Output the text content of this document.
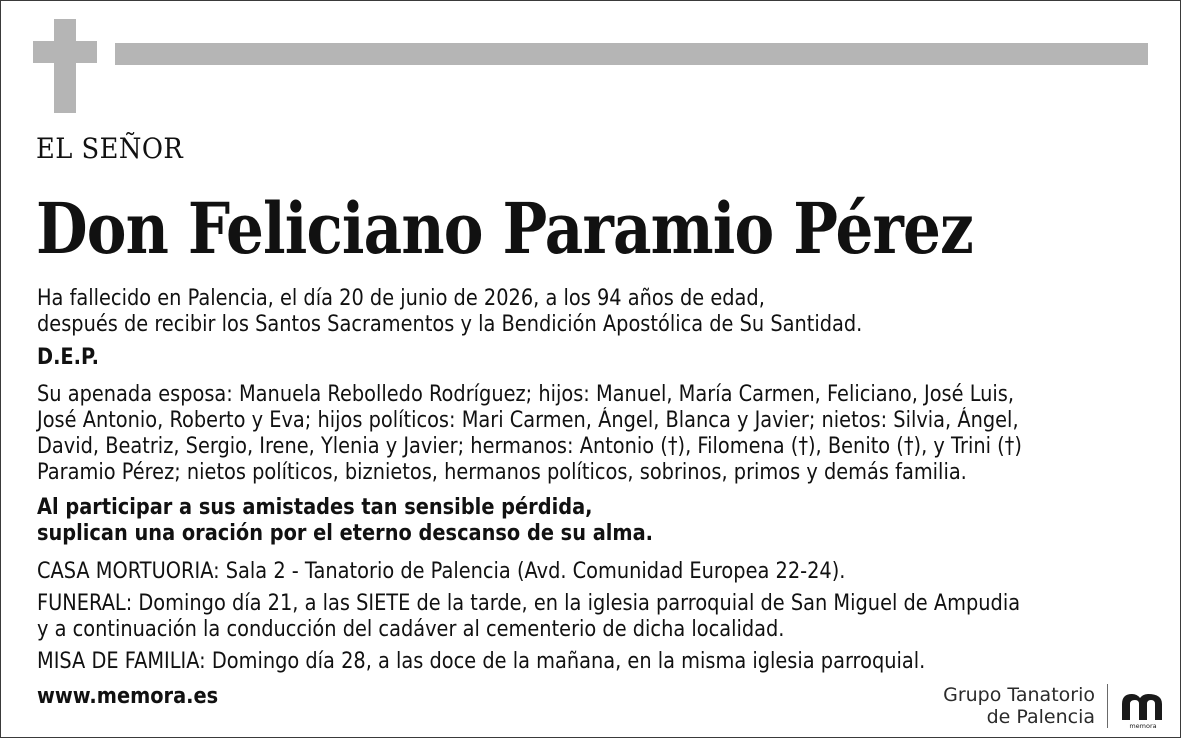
EL SEÑOR
Don Feliciano Paramio Pérez
Ha fallecido en Palencia, el día 20 de junio de 2026, a los 94 años de edad,
después de recibir los Santos Sacramentos y la Bendición Apostólica de Su Santidad.
D.E.P.
Su apenada esposa: Manuela Rebolledo Rodríguez; hijos: Manuel, María Carmen, Feliciano, José Luis,
José Antonio, Roberto y Eva; hijos políticos: Mari Carmen, Ángel, Blanca y Javier; nietos: Silvia, Ángel,
David, Beatriz, Sergio, Irene, Ylenia y Javier; hermanos: Antonio (†), Filomena (†), Benito (†), y Trini (†)
Paramio Pérez; nietos políticos, biznietos, hermanos políticos, sobrinos, primos y demás familia.
Al participar a sus amistades tan sensible pérdida,
suplican una oración por el eterno descanso de su alma.
CASA MORTUORIA: Sala 2 - Tanatorio de Palencia (Avd. Comunidad Europea 22-24).
FUNERAL: Domingo día 21, a las SIETE de la tarde, en la iglesia parroquial de San Miguel de Ampudia
y a continuación la conducción del cadáver al cementerio de dicha localidad.
MISA DE FAMILIA: Domingo día 28, a las doce de la mañana, en la misma iglesia parroquial.
www.memora.es	Grupo Tanatorio
de Palencia	memora
